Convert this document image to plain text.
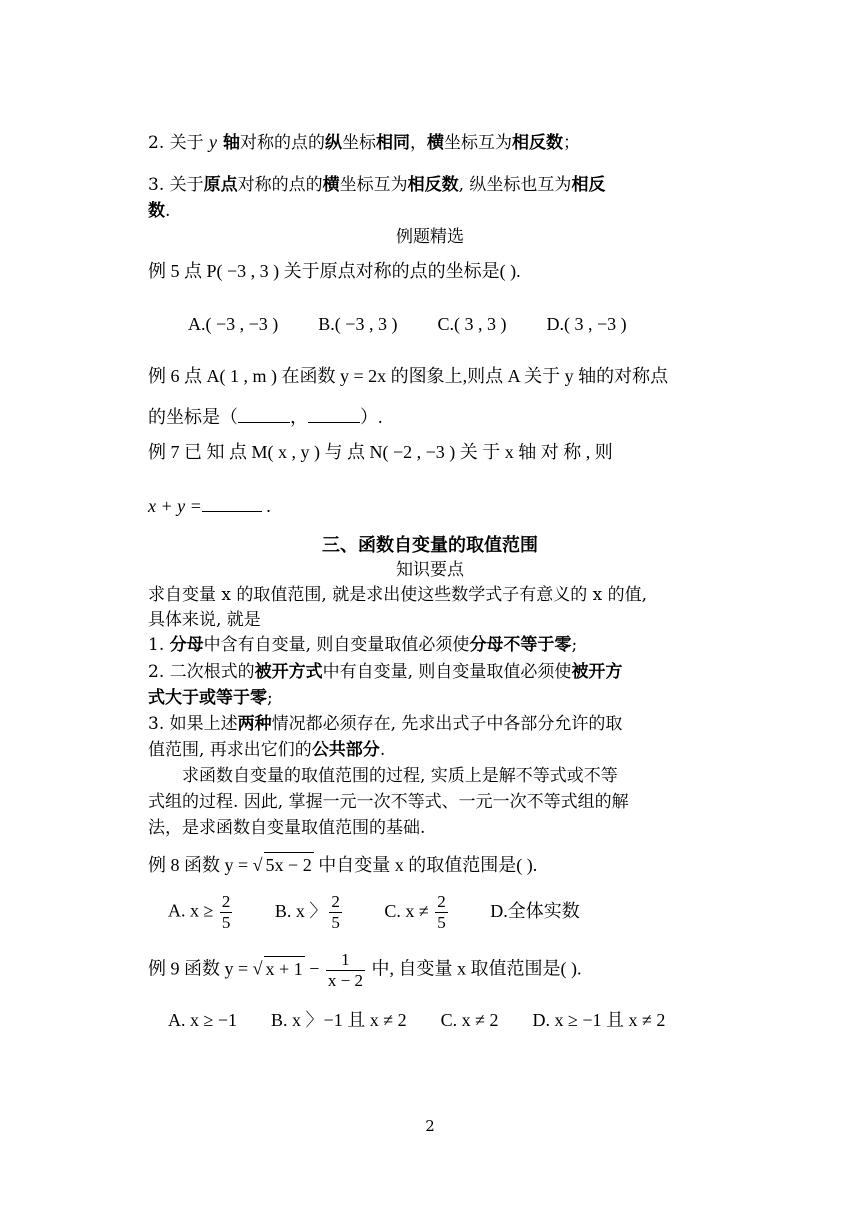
2. 关于 y 轴对称的点的纵坐标相同，横坐标互为相反数；
3. 关于原点对称的点的横坐标互为相反数, 纵坐标也互为相反
数.
例题精选
例 5 点 P( −3 , 3 ) 关于原点对称的点的坐标是( ).
A.( −3 , −3 ) B.( −3 , 3 ) C.( 3 , 3 ) D.( 3 , −3 )
例 6 点 A( 1 , m ) 在函数 y = 2x 的图象上,则点 A 关于 y 轴的对称点
的坐标是（	，	）.
例 7 已 知 点 M( x , y ) 与 点 N( −2 , −3 ) 关 于 x 轴 对 称 , 则
x + y =	.
三、函数自变量的取值范围
知识要点
求自变量 x 的取值范围, 就是求出使这些数学式子有意义的 x 的值,
具体来说, 就是
1. 分母中含有自变量, 则自变量取值必须使分母不等于零;
2. 二次根式的被开方式中有自变量, 则自变量取值必须使被开方
式大于或等于零;
3. 如果上述两种情况都必须存在, 先求出式子中各部分允许的取
值范围, 再求出它们的公共部分.
求函数自变量的取值范围的过程, 实质上是解不等式或不等
式组的过程. 因此, 掌握一元一次不等式、一元一次不等式组的解
法，是求函数自变量取值范围的基础.
例 8 函数 y = √ 5x − 2 中自变量 x 的取值范围是( ).
A. $x \ge \frac{2}{5} B$. x 〉 $\frac{2}{5} C$. $x \ne \frac{2}{5} D$.全体实数
例 9 函数 y = √ $x + 1 - \frac{1}{x - 2}$ 中, 自变量 x 取值范围是( ).
A. x ≥ −1 B. x 〉−1 且 x ≠ 2 C. x ≠ 2 D. x ≥ −1 且 x ≠ 2
2
